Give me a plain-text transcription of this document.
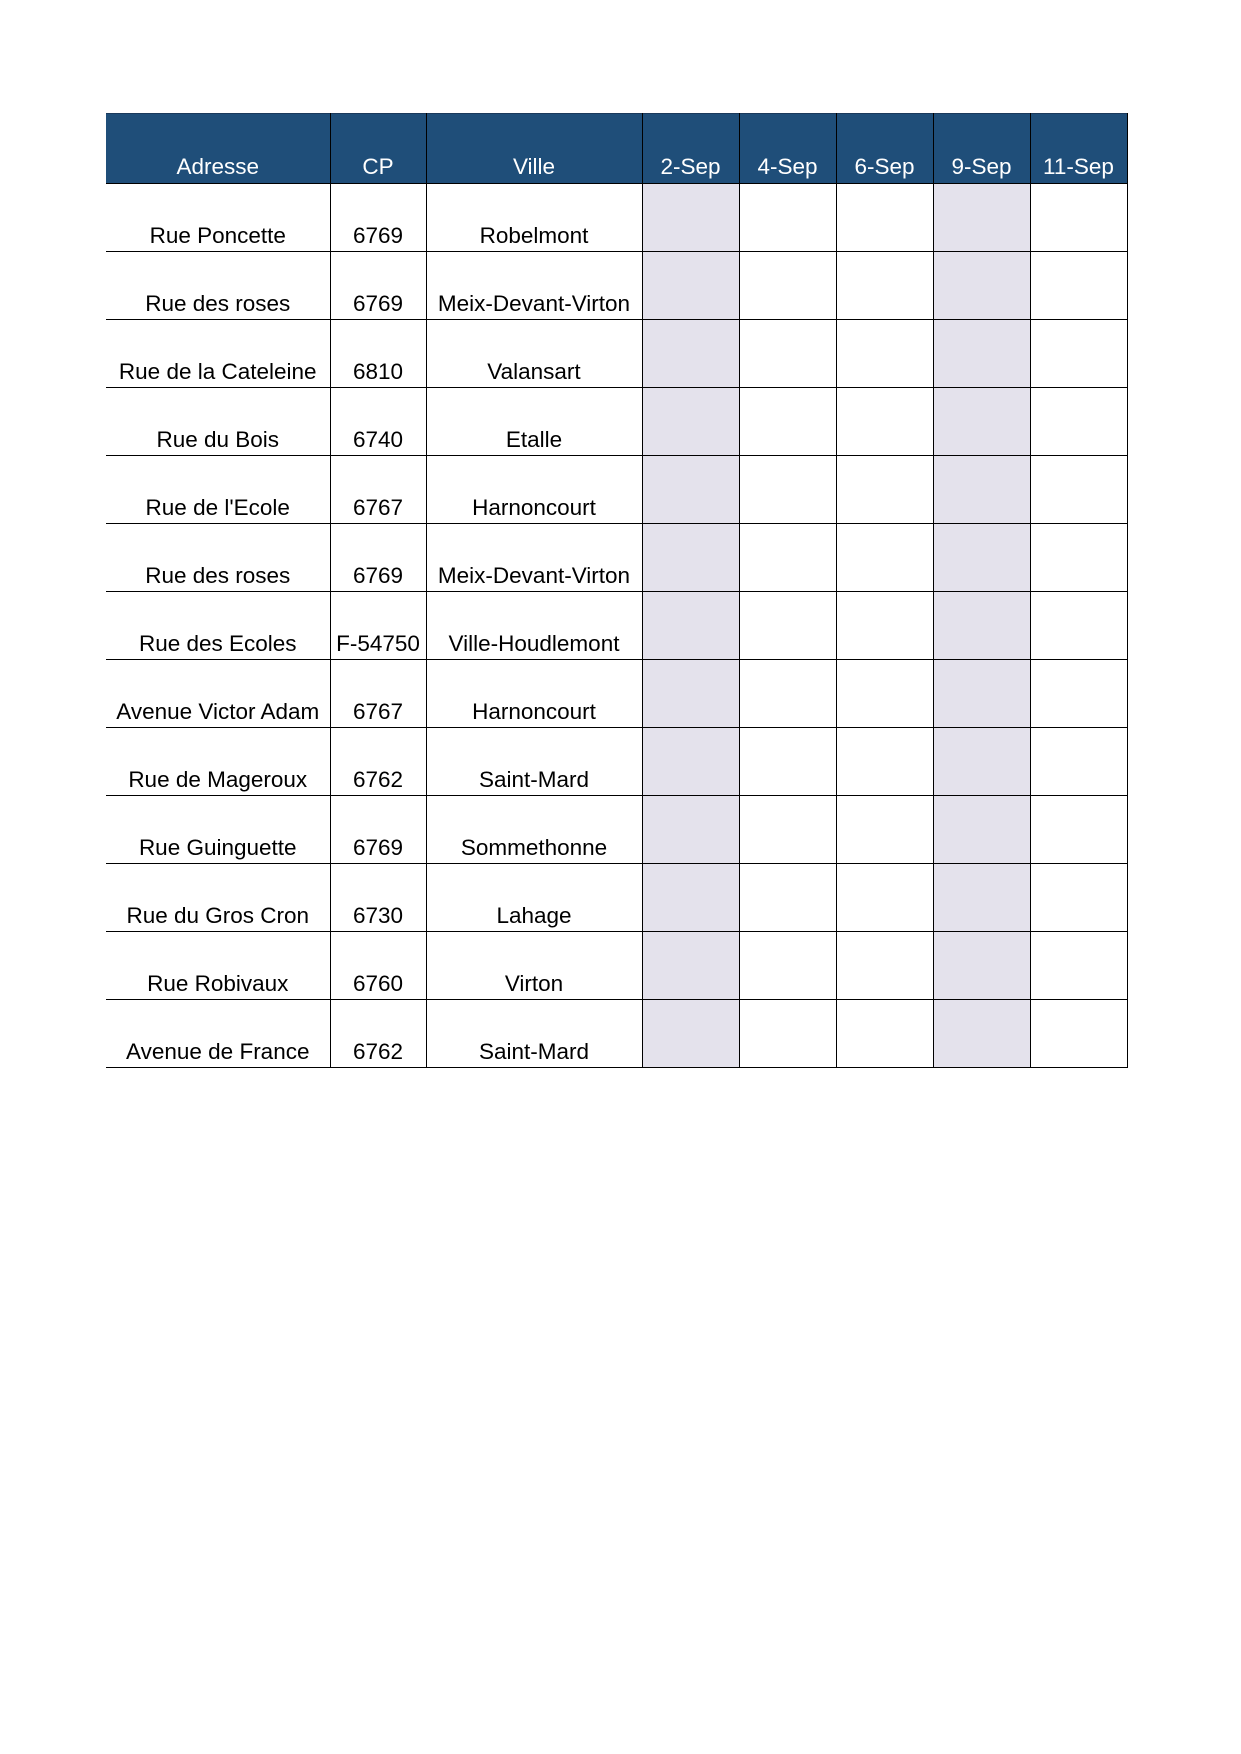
Adresse	CP	Ville	2-Sep	4-Sep	6-Sep	9-Sep	11-Sep
Rue Poncette	6769	Robelmont					
Rue des roses	6769	Meix-Devant-Virton					
Rue de la Cateleine	6810	Valansart					
Rue du Bois	6740	Etalle					
Rue de l'Ecole	6767	Harnoncourt					
Rue des roses	6769	Meix-Devant-Virton					
Rue des Ecoles	F-54750	Ville-Houdlemont					
Avenue Victor Adam	6767	Harnoncourt					
Rue de Mageroux	6762	Saint-Mard					
Rue Guinguette	6769	Sommethonne					
Rue du Gros Cron	6730	Lahage					
Rue Robivaux	6760	Virton					
Avenue de France	6762	Saint-Mard					
